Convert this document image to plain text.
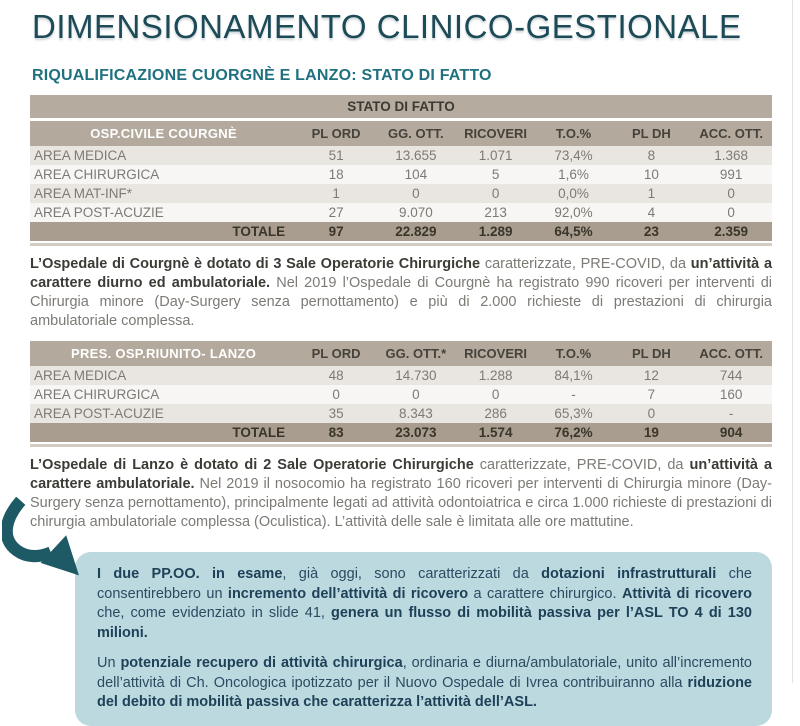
DIMENSIONAMENTO CLINICO-GESTIONALE
RIQUALIFICAZIONE CUORGNÈ E LANZO: STATO DI FATTO
STATO DI FATTO
OSP.CIVILE COURGNÈ	PL ORD	GG. OTT.	RICOVERI	T.O.%	PL DH	ACC. OTT.
AREA MEDICA	51	13.655	1.071	73,4%	8	1.368
AREA CHIRURGICA	18	104	5	1,6%	10	991
AREA MAT-INF*	1	0	0	0,0%	1	0
AREA POST-ACUZIE	27	9.070	213	92,0%	4	0
TOTALE	97	22.829	1.289	64,5%	23	2.359

L’Ospedale di Courgnè è dotato di 3 Sale Operatorie Chirurgiche caratterizzate, PRE-COVID, da un’attività a carattere diurno ed ambulatoriale. Nel 2019 l’Ospedale di Courgnè ha registrato 990 ricoveri per interventi di Chirurgia minore (Day-Surgery senza pernottamento) e più di 2.000 richieste di prestazioni di chirurgia ambulatoriale complessa.

PRES. OSP.RIUNITO- LANZO	PL ORD	GG. OTT.*	RICOVERI	T.O.%	PL DH	ACC. OTT.
AREA MEDICA	48	14.730	1.288	84,1%	12	744
AREA CHIRURGICA	0	0	0	-	7	160
AREA POST-ACUZIE	35	8.343	286	65,3%	0	-
TOTALE	83	23.073	1.574	76,2%	19	904

L’Ospedale di Lanzo è dotato di 2 Sale Operatorie Chirurgiche caratterizzate, PRE-COVID, da un’attività a carattere ambulatoriale. Nel 2019 il nosocomio ha registrato 160 ricoveri per interventi di Chirurgia minore (Day-Surgery senza pernottamento), principalmente legati ad attività odontoiatrica e circa 1.000 richieste di prestazioni di chirurgia ambulatoriale complessa (Oculistica). L’attività delle sale è limitata alle ore mattutine.

I due PP.OO. in esame, già oggi, sono caratterizzati da dotazioni infrastrutturali che consentirebbero un incremento dell’attività di ricovero a carattere chirurgico. Attività di ricovero che, come evidenziato in slide 41, genera un flusso di mobilità passiva per l’ASL TO 4 di 130 milioni.

Un potenziale recupero di attività chirurgica, ordinaria e diurna/ambulatoriale, unito all’incremento dell’attività di Ch. Oncologica ipotizzato per il Nuovo Ospedale di Ivrea contribuiranno alla riduzione del debito di mobilità passiva che caratterizza l’attività dell’ASL.
